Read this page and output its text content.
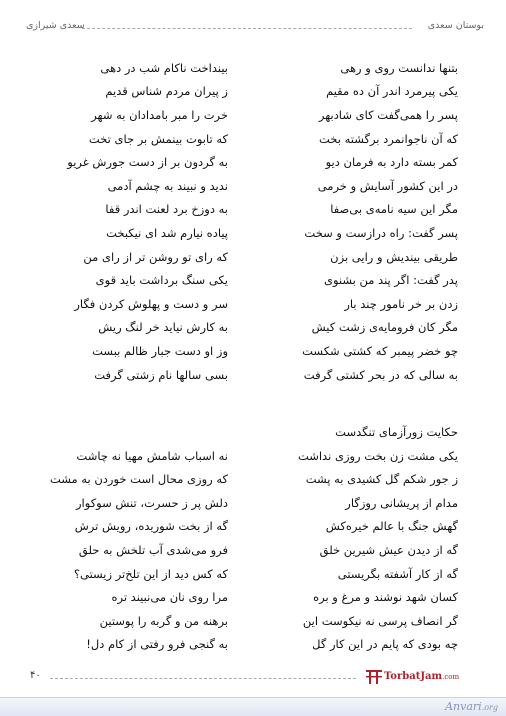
بوستان سعدی
سعدی شیرازی
بتنها ندانست روی و رهی
بینداخت ناکام شب در دهی
یکی پیرمرد اندر آن ده مقیم
ز پیران مردم شناس قدیم
پسر را همی‌گفت کای شادبهر
خرت را مبر بامدادان به شهر
که آن ناجوانمرد برگشته بخت
که تابوت بینمش بر جای تخت
کمر بسته دارد به فرمان دیو
به گردون بر از دست جورش غریو
در این کشور آسایش و خرمی
ندید و نبیند به چشم آدمی
مگر این سیه نامه‌ی بی‌صفا
به دوزخ برد لعنت اندر قفا
پسر گفت: راه درازست و سخت
پیاده نیارم شد ای نیکبخت
طریقی بیندیش و رایی بزن
که رای تو روشن تر از رای من
پدر گفت: اگر پند من بشنوی
یکی سنگ برداشت باید قوی
زدن بر خر نامور چند بار
سر و دست و پهلوش کردن فگار
مگر کان فرومایه‌ی زشت کیش
به کارش نیاید خر لنگ ریش
چو خضر پیمبر که کشتی شکست
وز او دست جبار ظالم ببست
به سالی که در بحر کشتی گرفت
بسی سالها نام زشتی گرفت
حکایت زورآزمای تنگدست
یکی مشت زن بخت روزی نداشت
نه اسباب شامش مهیا نه چاشت
ز جور شکم گل کشیدی به پشت
که روزی محال است خوردن به مشت
مدام از پریشانی روزگار
دلش پر ز حسرت، تنش سوکوار
گهش جنگ با عالم خیره‌کش
گه از بخت شوریده، رویش ترش
گه از دیدن عیش شیرین خلق
فرو می‌شدی آب تلخش به حلق
گه از کار آشفته بگریستی
که کس دید از این تلخ‌تر زیستی؟
کسان شهد نوشند و مرغ و بره
مرا روی نان می‌نبیند تره
گر انصاف پرسی نه نیکوست این
برهنه من و گربه را پوستین
چه بودی که پایم در این کار گل
به گنجی فرو رفتی از کام دل!
۴۰	TorbatJam.com
Anvari.org
